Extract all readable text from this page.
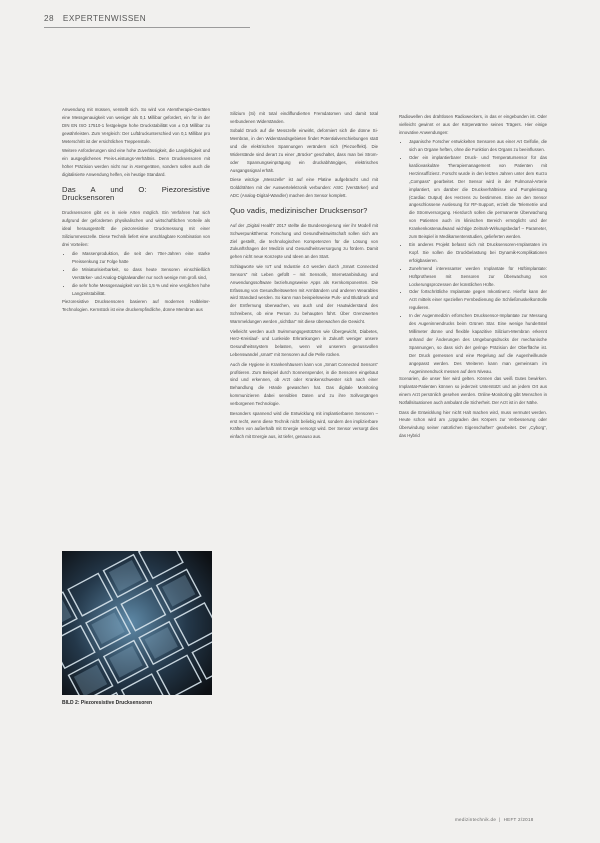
28 EXPERTENWISSEN

Anwendung mit müssen, verstellt sich. So wird von Atemtherapie-Geräten eine Messgenauigkeit von weniger als 0,1 Millibar gefordert, ein für in der DIN EN ISO 17510-1 festgelegte hohe Druckstabilität von ± 0,5 Millibar zu gewährleisten. Zum Vergleich: Der Luftdruckunterschied von 0,1 Millibar pro Meterschritt ist der ersichtlichen Treppenstufe.

Weitere Anforderungen sind eine hohe Zuverlässigkeit, die Langlebigkeit und ein ausgeglichenes Preis-Leistungs-Verhältnis. Denn Drucksensoren mit höher Präzision werden nicht nur in Atemgeräten, sondern sollen auch die digitalisierte Anwendung helfen, ein heutige Standard.

Das A und O: Piezoresistive Drucksensoren

Drucksensoren gibt es in viele Arten möglich. Ein Verfahren hat sich aufgrund der geforderten physikalischen und wirtschaftlichen Vorteile als ideal herausgestellt: die piezoresistive Druckmessung mit einer Siliziummesszelle. Diese Technik liefert eine unschlagbare Kombination von drei Vorteilen:

• die Massenproduktion, die seit den 70er-Jahren eine starke Preissenkung zur Folge hatte
• die Miniaturisierbarkeit, so dass heute Sensoren einschließlich Verstärker- und Analog-Digitalwandler nur noch wenige mm groß sind,
• die sehr hohe Messgenauigkeit von bis 1,5 % und eine verglichen hohe Langzeitstabilität.

Piezoresistive Drucksensoren basieren auf modernen Halbleiter-Technologien. Kernstück ist eine druckempfindliche, dünne Membran aus

BILD 2: Piezoresistive Drucksensoren

Silizium (Si) mit total eindiffundierten Fremdatomen und damit total verbundenen Widerständen.

Sobald Druck auf die Messzelle einwirkt, deformiert sich die dünne Si-Membran, in den Widerstandsgebieten findet Potentialverschiebungen statt und die elektrischen Spannungen verändern sich (Piezoeffekt). Die Widerstände sind derart zu einer „Brücke“ geschaltet, dass man bei Strom- oder Spannungseinprägung ein druckabhängiges, elektrisches Ausgangssignal erhält.

Diese winzige „Messzelle“ ist auf eine Platine aufgebracht und mit Golddrähten mit der Auswertelektronik verbunden: ASIC (Verstärker) und ADC (Analog-Digital-Wandler) machen den Sensor komplett.

Quo vadis, medizinischer Drucksensor?

Auf der „Digital Health“ 2017 stellte die Bundesregierung vier ihr Modell mit Schwerpunktthema: Forschung und Gesundheitswirtschaft sollen sich am Ziel gestellt, die technologischen Kompetenzen für die Lösung von Zukunftsfragen der Medizin und Gesundheitsversorgung zu fördern. Damit gehen nicht neue Konzepte und Ideen an den Start.

Schlagworte wie IoT und Industrie 4.0 werden durch „Smart Connected Sensors“ mit Leben gefüllt – mit Sensorik, Internetanbindung und Anwendungssoftware beziehungsweise Apps als Kernkomponenten. Die Erfassung von Gesundheitswerten mit Armbändern und anderen Wearables wird Standard werden. So kann man beispielsweise Puls- und Blutdruck und der Entfernung überwachen, wo auch und der Hautwiderstand des Schreibens, ob eine Person zu behaupten führt. Über Grenzwerten Warnmeldungen werden „sichtbar“ mit diese überwachen die Gewicht.

Vielleicht werden auch Swimmungsgestützten wie Übergewicht, Diabetes, Herz-Kreislauf- und Lunkeide Erkrankungen in Zukunft weniger unsere Gesundheitssystem belasten, wenn wir unserem genussvollen Lebenswandel „smart“ mit Sensoren auf die Pelle rücken.

Auch die Hygiene in Krankenhäusern kann von „Smart Connected Sensors“ profitieren. Zum Beispiel durch Sonnenspender, in die Sensoren eingebaut sind und erkennen, ob Arzt oder Krankenschwester sich nach einer Behandlung die Hände gewaschen hat. Das digitale Monitoring kommunizieren dabei sensiblen Daten und zu ihre Sollvorgängen verborgenen Technologie.

Besonders spannend wird die Entwicklung mit implantierbaren Sensoren – erst recht, wenn diese Technik nicht beliebig wird, sondern den implizierbare Kräften von außerhalb mit Energie versorgt wird. Der Sensor versorgt dies einfach mit Energie aus, ist tiefer, genauso aus.

Radiowellen des drahtlosen Radioweckers, in das er eingebunden ist. Oder vielleicht gewinnt er aus der Körperwärme seines Trägers. Hier einige innovative Anwendungen:

• Japanische Forscher entwickelten Sensoren aus einer Art Gelfolie, die sich an Organe heften, ohne die Funktion des Organs zu beeinflussen.
• Oder ein implantierbarer Druck- und Temperatursensor für das kardiovaskuläre Therapiemanagement von Patienten mit Herzinsuffizienz. Forscht wurde in den letzten Jahren unter dem Kurzo „Compass“ gearbeitet. Der Sensor wird in der Pulmonal-Arterie implantiert, um darüber die Druckverhältnisse und Pumpleistung (Cardiac Output) des Herzens zu bestimmen. Eine an den Sensor angeschlossene Auslesung für RF-Support, erzielt die Telemetrie und die Stromversorgung. Hierdurch sollen die permanente Überwachung von Patienten auch im klinischen Bereich ermöglicht und der Krankenkostenaufwand wichtige Zeitnah-Wirkungsbedarf – Parameter, zum Beispiel in Medikamentenstudien, gelieferten werden.
• Ein anderes Projekt befasst sich mit Drucksensoren-Implantaten im Kopf. Sie sollen die Druckbelastung bei Dynamik-Komplikationen erfolgbasieren.
• Zunehmend interessanter werden Implantate für Hüftimplantate: Hüftprothesen mit Sensoren zur Überwachung von Lockerungsprozessen der künstlichen Hüfte.
• Oder fortschrittliche Implantate gegen Inkontinenz. Hierfür kann der Arzt mittels einer speziellen Fernbedienung die Schließmuskelkontrolle regulieren.
• In der Augenmedizin erforschen Drucksensor-Implantate zur Messung des Augeninnendrucks beim Grünen Star. Eine wenige hundertstel Millimeter dünne und flexible kapazitive Silizium-Membran erkennt anhand der Änderungen des Umgebungsdrucks der mechanische Spannungen, so dass sich der geringe Präzision der Oberfläche ist. Der Druck gemessen und eine Regelung auf die Augenheilkunde angepasst werden. Des Weiteren kann man gemeinsam im Augeninnendruck messen auf dem Niveau.

Scenarien, die unser hier wird gelten. Können das weiß Gutes bewirken. Implantat-Patienten können so jederzeit Unterstützt und an jedem Ort aus einem Arzt persönlich gesehen werden. Online-Monitoring gibt Menschen in Notfallsituationen auch ambulant die Sicherheit. Der Arzt ist in der Nähe.

Dass die Entwicklung hier nicht Halt machen wird, muss vermutet werden. Heute schon wird am „Upgraden des Körpers zur Verbesserung oder Überwindung seiner natürlichen Eigenschaften“ gearbeitet. Der „Cyborg“, das Hybrid

medizintechnik.de | HEFT 2/2018
